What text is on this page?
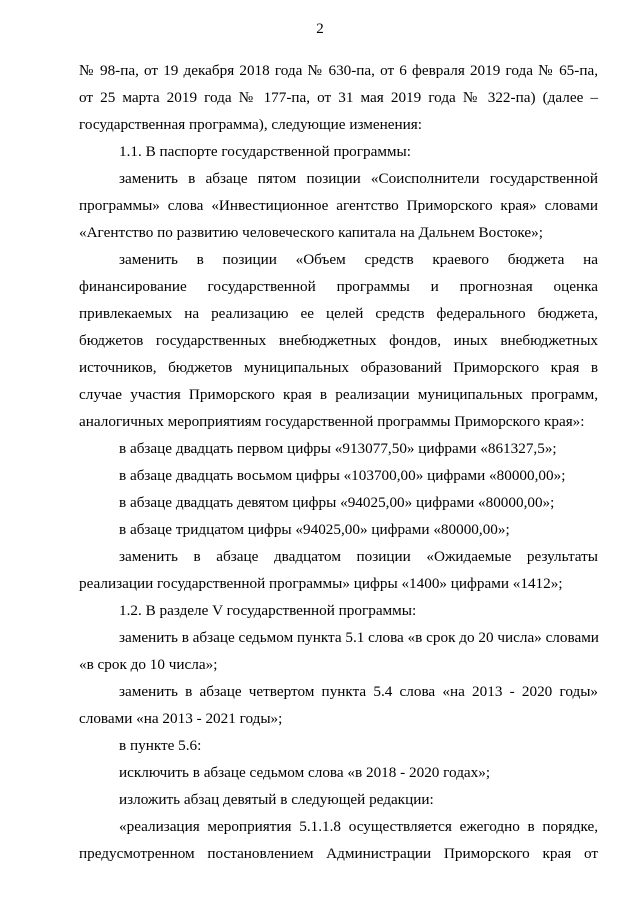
2
№ 98-па, от 19 декабря 2018 года № 630-па, от 6 февраля 2019 года № 65-па,
от 25 марта 2019 года № 177-па, от 31 мая 2019 года № 322-па) (далее –
государственная программа), следующие изменения:
1.1. В паспорте государственной программы:
заменить в абзаце пятом позиции «Соисполнители государственной
программы» слова «Инвестиционное агентство Приморского края» словами
«Агентство по развитию человеческого капитала на Дальнем Востоке»;
заменить в позиции «Объем средств краевого бюджета на
финансирование государственной программы и прогнозная оценка
привлекаемых на реализацию ее целей средств федерального бюджета,
бюджетов государственных внебюджетных фондов, иных внебюджетных
источников, бюджетов муниципальных образований Приморского края в
случае участия Приморского края в реализации муниципальных программ,
аналогичных мероприятиям государственной программы Приморского края»:
в абзаце двадцать первом цифры «913077,50» цифрами «861327,5»;
в абзаце двадцать восьмом цифры «103700,00» цифрами «80000,00»;
в абзаце двадцать девятом цифры «94025,00» цифрами «80000,00»;
в абзаце тридцатом цифры «94025,00» цифрами «80000,00»;
заменить в абзаце двадцатом позиции «Ожидаемые результаты
реализации государственной программы» цифры «1400» цифрами «1412»;
1.2. В разделе V государственной программы:
заменить в абзаце седьмом пункта 5.1 слова «в срок до 20 числа» словами
«в срок до 10 числа»;
заменить в абзаце четвертом пункта 5.4 слова «на 2013 - 2020 годы»
словами «на 2013 - 2021 годы»;
в пункте 5.6:
исключить в абзаце седьмом слова «в 2018 - 2020 годах»;
изложить абзац девятый в следующей редакции:
«реализация мероприятия 5.1.1.8 осуществляется ежегодно в порядке,
предусмотренном постановлением Администрации Приморского края от
